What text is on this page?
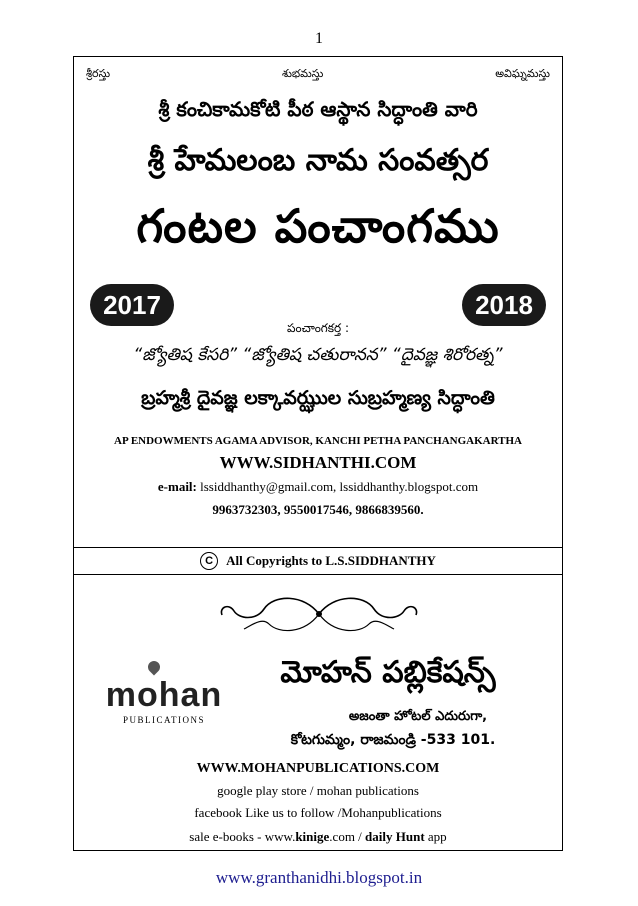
1
శ్రీరస్తు	శుభమస్తు	అవిఘ్నమస్తు
శ్రీ కంచికామకోటి పీఠ ఆస్థాన సిద్ధాంతి వారి
శ్రీ హేమలంబ నామ సంవత్సర
గంటల పంచాంగము
2017	2018
పంచాంగకర్త :
“జ్యోతిష కేసరి” “జ్యోతిష చతురానన” “దైవజ్ఞ శిరోరత్న”
బ్రహ్మశ్రీ దైవజ్ఞ లక్కావఝ్ఝుల సుబ్రహ్మణ్య సిద్ధాంతి
AP ENDOWMENTS AGAMA ADVISOR, KANCHI PETHA PANCHANGAKARTHA
WWW.SIDHANTHI.COM
e-mail: lssiddhanthy@gmail.com, lssiddhanthy.blogspot.com
9963732303, 9550017546, 9866839560.
C	All Copyrights to L.S.SIDDHANTHY
mohan
PUBLICATIONS
మోహన్ పబ్లికేషన్స్
అజంతా హోటల్ ఎదురుగా,
కోటగుమ్మం, రాజమండ్రి -533 101.
WWW.MOHANPUBLICATIONS.COM
google play store / mohan publications
facebook Like us to follow /Mohanpublications
sale e-books - www.kinige.com / daily Hunt app
www.granthanidhi.blogspot.in
